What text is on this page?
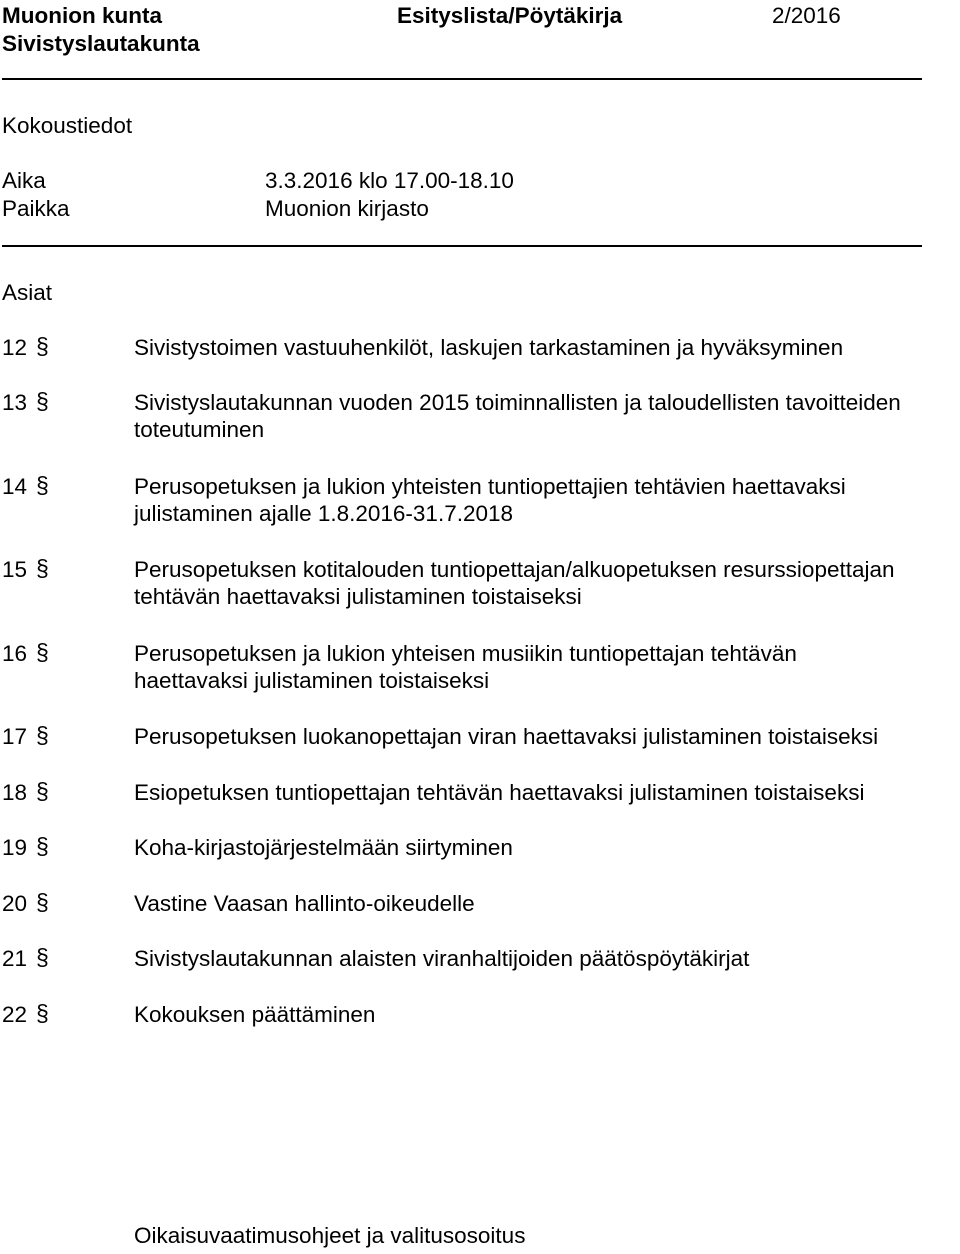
Muonion kunta	Esityslista/Pöytäkirja	2/2016
Sivistyslautakunta
Kokoustiedot
Aika	3.3.2016 klo 17.00-18.10
Paikka	Muonion kirjasto
Asiat
12 §	Sivistystoimen vastuuhenkilöt, laskujen tarkastaminen ja hyväksyminen
13 §	Sivistyslautakunnan vuoden 2015 toiminnallisten ja taloudellisten tavoitteiden
toteutuminen
14 §	Perusopetuksen ja lukion yhteisten tuntiopettajien tehtävien haettavaksi
julistaminen ajalle 1.8.2016-31.7.2018
15 §	Perusopetuksen kotitalouden tuntiopettajan/alkuopetuksen resurssiopettajan
tehtävän haettavaksi julistaminen toistaiseksi
16 §	Perusopetuksen ja lukion yhteisen musiikin tuntiopettajan tehtävän
haettavaksi julistaminen toistaiseksi
17 §	Perusopetuksen luokanopettajan viran haettavaksi julistaminen toistaiseksi
18 §	Esiopetuksen tuntiopettajan tehtävän haettavaksi julistaminen toistaiseksi
19 §	Koha-kirjastojärjestelmään siirtyminen
20 §	Vastine Vaasan hallinto-oikeudelle
21 §	Sivistyslautakunnan alaisten viranhaltijoiden päätöspöytäkirjat
22 §	Kokouksen päättäminen
Oikaisuvaatimusohjeet ja valitusosoitus
